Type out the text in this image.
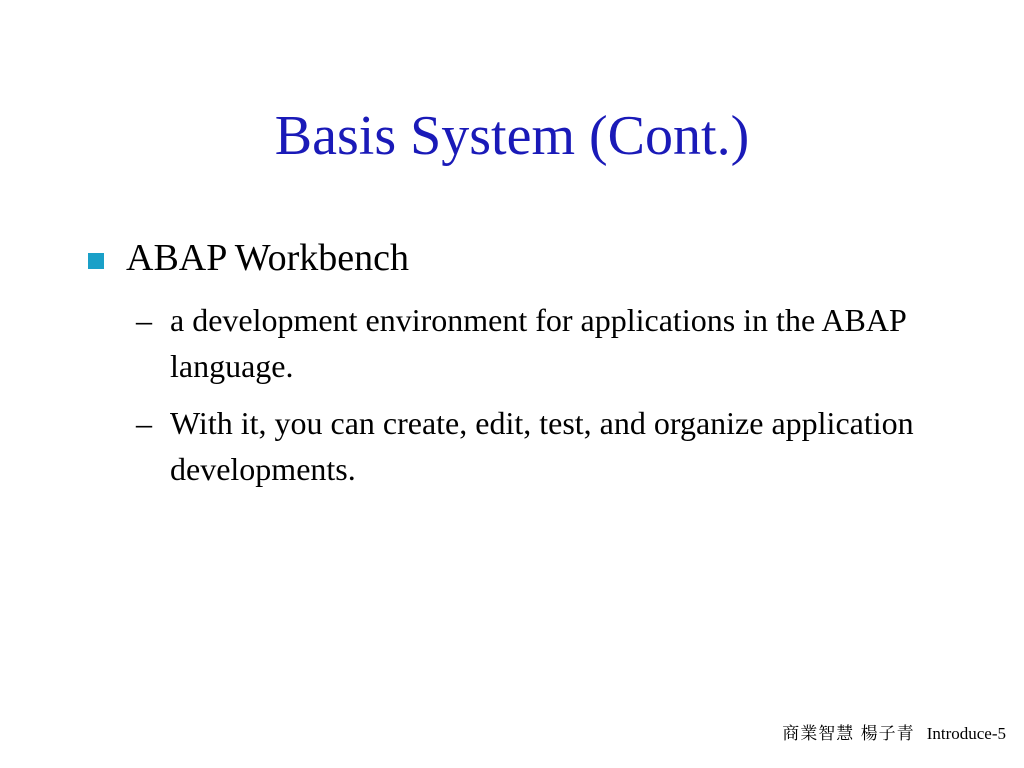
Basis System (Cont.)
ABAP Workbench
– a development environment for applications in the ABAP language.
– With it, you can create, edit, test, and organize application developments.
商業智慧 楊子青 Introduce-5
